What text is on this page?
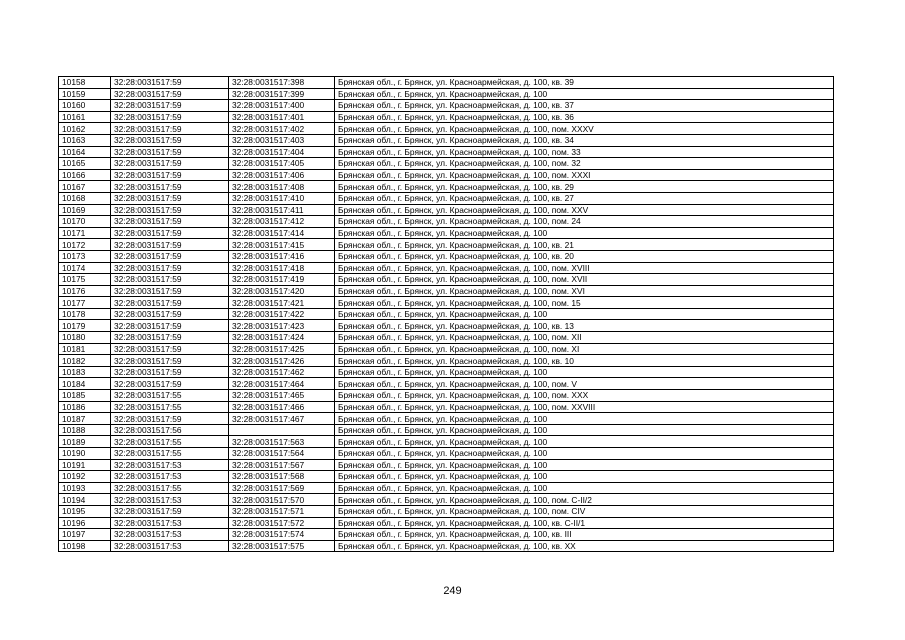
10158	32:28:0031517:59	32:28:0031517:398	Брянская обл., г. Брянск, ул. Красноармейская, д. 100, кв. 39
10159	32:28:0031517:59	32:28:0031517:399	Брянская обл., г. Брянск, ул. Красноармейская, д. 100
10160	32:28:0031517:59	32:28:0031517:400	Брянская обл., г. Брянск, ул. Красноармейская, д. 100, кв. 37
10161	32:28:0031517:59	32:28:0031517:401	Брянская обл., г. Брянск, ул. Красноармейская, д. 100, кв. 36
10162	32:28:0031517:59	32:28:0031517:402	Брянская обл., г. Брянск, ул. Красноармейская, д. 100, пом. XXXV
10163	32:28:0031517:59	32:28:0031517:403	Брянская обл., г. Брянск, ул. Красноармейская, д. 100, кв. 34
10164	32:28:0031517:59	32:28:0031517:404	Брянская обл., г. Брянск, ул. Красноармейская, д. 100, пом. 33
10165	32:28:0031517:59	32:28:0031517:405	Брянская обл., г. Брянск, ул. Красноармейская, д. 100, пом. 32
10166	32:28:0031517:59	32:28:0031517:406	Брянская обл., г. Брянск, ул. Красноармейская, д. 100, пом. XXXI
10167	32:28:0031517:59	32:28:0031517:408	Брянская обл., г. Брянск, ул. Красноармейская, д. 100, кв. 29
10168	32:28:0031517:59	32:28:0031517:410	Брянская обл., г. Брянск, ул. Красноармейская, д. 100, кв. 27
10169	32:28:0031517:59	32:28:0031517:411	Брянская обл., г. Брянск, ул. Красноармейская, д. 100, пом. XXV
10170	32:28:0031517:59	32:28:0031517:412	Брянская обл., г. Брянск, ул. Красноармейская, д. 100, пом. 24
10171	32:28:0031517:59	32:28:0031517:414	Брянская обл., г. Брянск, ул. Красноармейская, д. 100
10172	32:28:0031517:59	32:28:0031517:415	Брянская обл., г. Брянск, ул. Красноармейская, д. 100, кв. 21
10173	32:28:0031517:59	32:28:0031517:416	Брянская обл., г. Брянск, ул. Красноармейская, д. 100, кв. 20
10174	32:28:0031517:59	32:28:0031517:418	Брянская обл., г. Брянск, ул. Красноармейская, д. 100, пом. XVIII
10175	32:28:0031517:59	32:28:0031517:419	Брянская обл., г. Брянск, ул. Красноармейская, д. 100, пом. XVII
10176	32:28:0031517:59	32:28:0031517:420	Брянская обл., г. Брянск, ул. Красноармейская, д. 100, пом. XVI
10177	32:28:0031517:59	32:28:0031517:421	Брянская обл., г. Брянск, ул. Красноармейская, д. 100, пом. 15
10178	32:28:0031517:59	32:28:0031517:422	Брянская обл., г. Брянск, ул. Красноармейская, д. 100
10179	32:28:0031517:59	32:28:0031517:423	Брянская обл., г. Брянск, ул. Красноармейская, д. 100, кв. 13
10180	32:28:0031517:59	32:28:0031517:424	Брянская обл., г. Брянск, ул. Красноармейская, д. 100, пом. XII
10181	32:28:0031517:59	32:28:0031517:425	Брянская обл., г. Брянск, ул. Красноармейская, д. 100, пом. XI
10182	32:28:0031517:59	32:28:0031517:426	Брянская обл., г. Брянск, ул. Красноармейская, д. 100, кв. 10
10183	32:28:0031517:59	32:28:0031517:462	Брянская обл., г. Брянск, ул. Красноармейская, д. 100
10184	32:28:0031517:59	32:28:0031517:464	Брянская обл., г. Брянск, ул. Красноармейская, д. 100, пом. V
10185	32:28:0031517:55	32:28:0031517:465	Брянская обл., г. Брянск, ул. Красноармейская, д. 100, пом. XXX
10186	32:28:0031517:55	32:28:0031517:466	Брянская обл., г. Брянск, ул. Красноармейская, д. 100, пом. XXVIII
10187	32:28:0031517:59	32:28:0031517:467	Брянская обл., г. Брянск, ул. Красноармейская, д. 100
10188	32:28:0031517:56		Брянская обл., г. Брянск, ул. Красноармейская, д. 100
10189	32:28:0031517:55	32:28:0031517:563	Брянская обл., г. Брянск, ул. Красноармейская, д. 100
10190	32:28:0031517:55	32:28:0031517:564	Брянская обл., г. Брянск, ул. Красноармейская, д. 100
10191	32:28:0031517:53	32:28:0031517:567	Брянская обл., г. Брянск, ул. Красноармейская, д. 100
10192	32:28:0031517:53	32:28:0031517:568	Брянская обл., г. Брянск, ул. Красноармейская, д. 100
10193	32:28:0031517:55	32:28:0031517:569	Брянская обл., г. Брянск, ул. Красноармейская, д. 100
10194	32:28:0031517:53	32:28:0031517:570	Брянская обл., г. Брянск, ул. Красноармейская, д. 100, пом. C-II/2
10195	32:28:0031517:59	32:28:0031517:571	Брянская обл., г. Брянск, ул. Красноармейская, д. 100, пом. CIV
10196	32:28:0031517:53	32:28:0031517:572	Брянская обл., г. Брянск, ул. Красноармейская, д. 100, кв. C-II/1
10197	32:28:0031517:53	32:28:0031517:574	Брянская обл., г. Брянск, ул. Красноармейская, д. 100, кв. III
10198	32:28:0031517:53	32:28:0031517:575	Брянская обл., г. Брянск, ул. Красноармейская, д. 100, кв. XX
249
